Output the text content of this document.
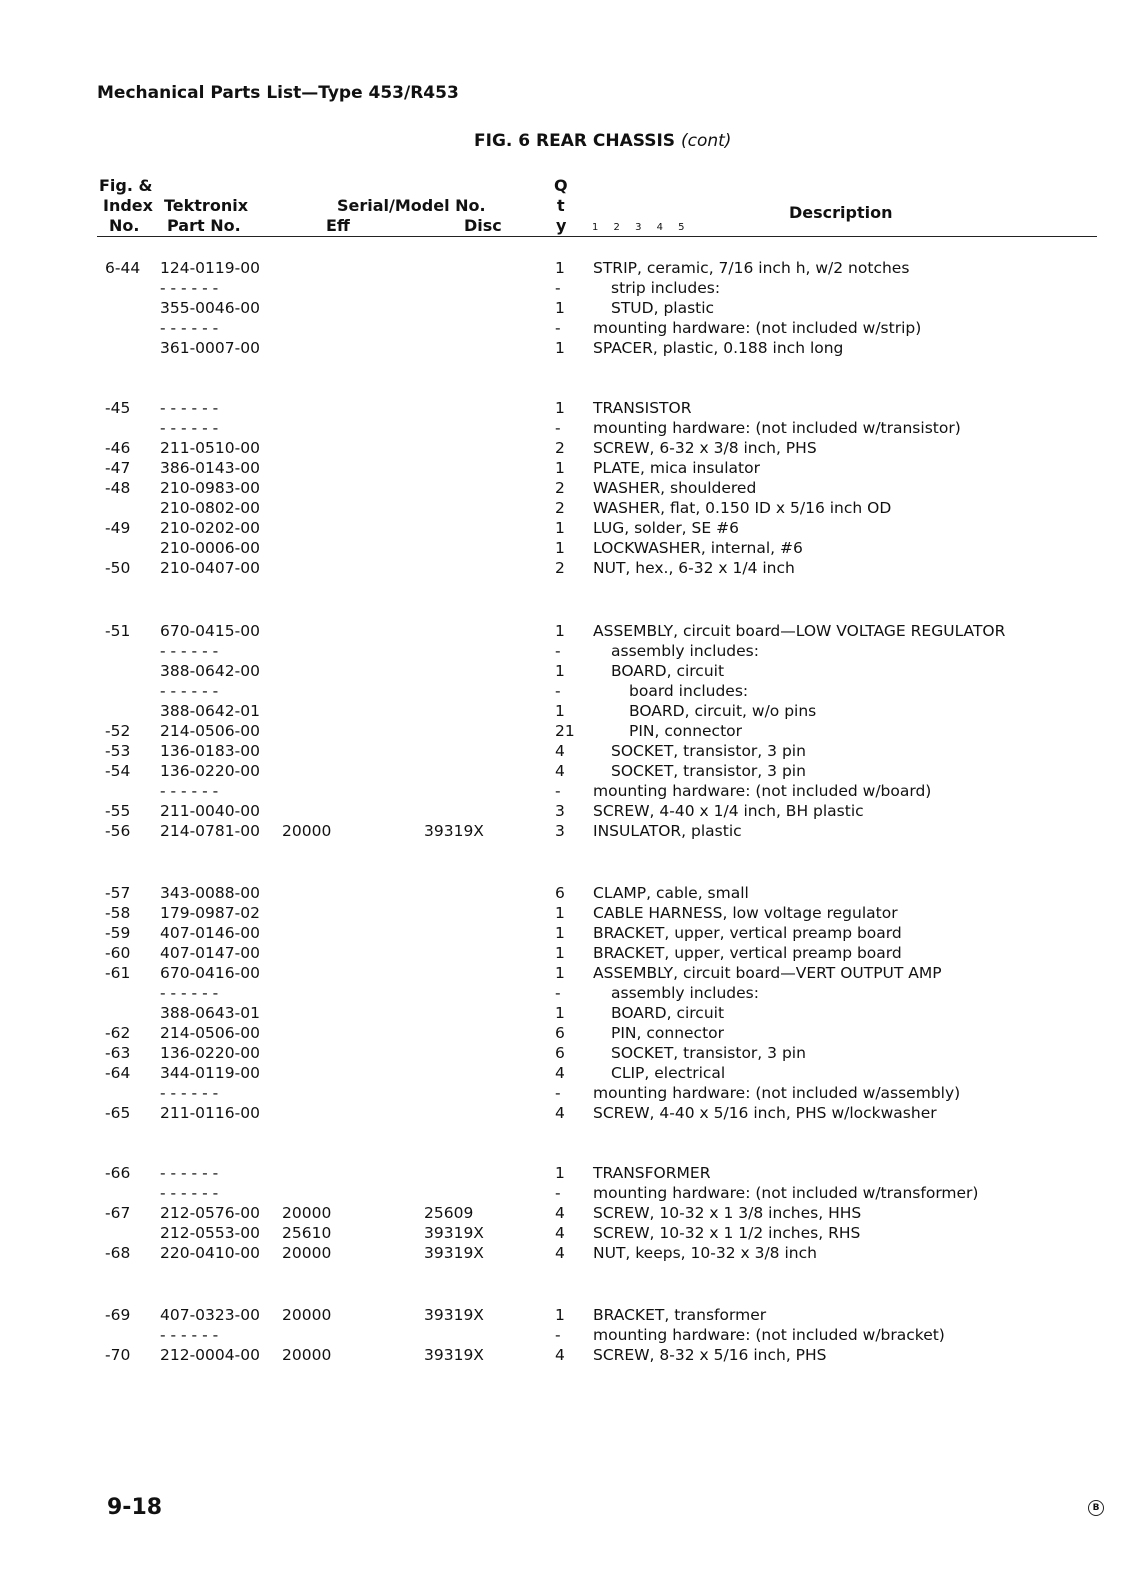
Mechanical Parts List—Type 453/R453
FIG. 6 REAR CHASSIS (cont)
Fig. &
Index
No.
Tektronix
Part No.
Serial/Model No.
Eff	Disc
Q
t
y	1 2 3 4 5
Description
6-44 124-0119-00	1 STRIP, ceramic, 7/16 inch h, w/2 notches
- - - - - -	-	strip includes:
355-0046-00	1	STUD, plastic
- - - - - -	- mounting hardware: (not included w/strip)
361-0007-00	1 SPACER, plastic, 0.188 inch long
-45 - - - - - -	1 TRANSISTOR
- - - - - -	- mounting hardware: (not included w/transistor)
-46 211-0510-00	2 SCREW, 6-32 x 3/8 inch, PHS
-47 386-0143-00	1 PLATE, mica insulator
-48 210-0983-00	2 WASHER, shouldered
210-0802-00	2 WASHER, flat, 0.150 ID x 5/16 inch OD
-49 210-0202-00	1 LUG, solder, SE #6
210-0006-00	1 LOCKWASHER, internal, #6
-50 210-0407-00	2 NUT, hex., 6-32 x 1/4 inch
-51 670-0415-00	1 ASSEMBLY, circuit board—LOW VOLTAGE REGULATOR
- - - - - -	-	assembly includes:
388-0642-00	1	BOARD, circuit
- - - - - -	-	board includes:
388-0642-01	1	BOARD, circuit, w/o pins
-52 214-0506-00	21	PIN, connector
-53 136-0183-00	4	SOCKET, transistor, 3 pin
-54 136-0220-00	4	SOCKET, transistor, 3 pin
- - - - - -	- mounting hardware: (not included w/board)
-55 211-0040-00	3 SCREW, 4-40 x 1/4 inch, BH plastic
-56 214-0781-00 20000	39319X	3 INSULATOR, plastic
-57 343-0088-00	6 CLAMP, cable, small
-58 179-0987-02	1 CABLE HARNESS, low voltage regulator
-59 407-0146-00	1 BRACKET, upper, vertical preamp board
-60 407-0147-00	1 BRACKET, upper, vertical preamp board
-61 670-0416-00	1 ASSEMBLY, circuit board—VERT OUTPUT AMP
- - - - - -	-	assembly includes:
388-0643-01	1	BOARD, circuit
-62 214-0506-00	6	PIN, connector
-63 136-0220-00	6	SOCKET, transistor, 3 pin
-64 344-0119-00	4	CLIP, electrical
- - - - - -	- mounting hardware: (not included w/assembly)
-65 211-0116-00	4 SCREW, 4-40 x 5/16 inch, PHS w/lockwasher
-66 - - - - - -	1 TRANSFORMER
- - - - - -	- mounting hardware: (not included w/transformer)
-67 212-0576-00 20000	25609	4 SCREW, 10-32 x 1 3/8 inches, HHS
212-0553-00 25610	39319X	4 SCREW, 10-32 x 1 1/2 inches, RHS
-68 220-0410-00 20000	39319X	4 NUT, keeps, 10-32 x 3/8 inch
-69 407-0323-00 20000	39319X	1 BRACKET, transformer
- - - - - -	- mounting hardware: (not included w/bracket)
-70 212-0004-00 20000	39319X	4 SCREW, 8-32 x 5/16 inch, PHS
9-18	B
